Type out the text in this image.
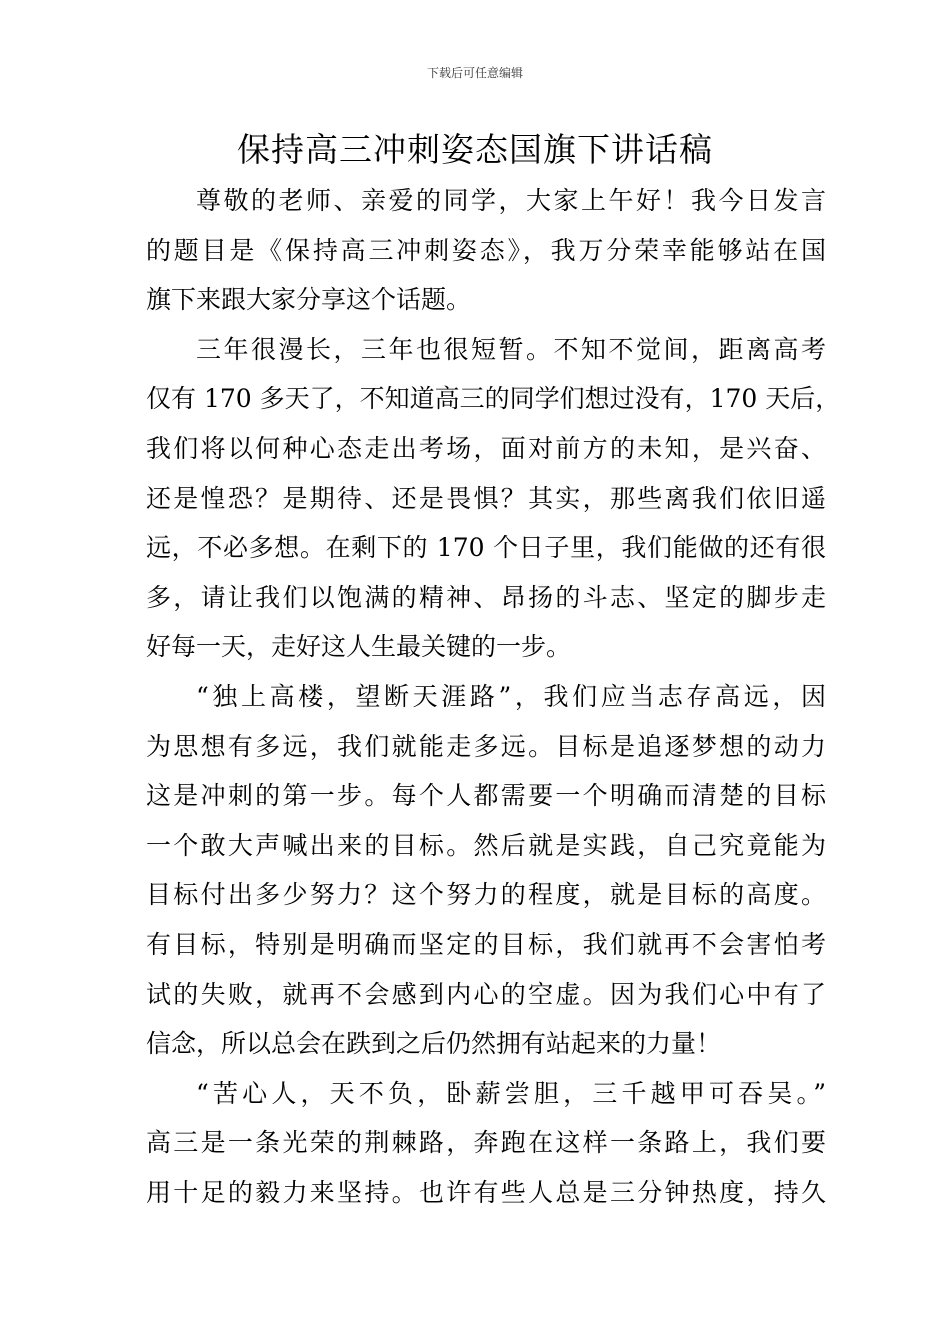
下载后可任意编辑
保持高三冲刺姿态国旗下讲话稿
尊敬的老师、亲爱的同学，大家上午好！我今日发言
的题目是《保持高三冲刺姿态》，我万分荣幸能够站在国
旗下来跟大家分享这个话题。
三年很漫长，三年也很短暂。不知不觉间，距离高考
仅有 170 多天了，不知道高三的同学们想过没有，170 天后，
我们将以何种心态走出考场，面对前方的未知，是兴奋、
还是惶恐？是期待、还是畏惧？其实，那些离我们依旧遥
远，不必多想。在剩下的 170 个日子里，我们能做的还有很
多，请让我们以饱满的精神、昂扬的斗志、坚定的脚步走
好每一天，走好这人生最关键的一步。
“独上高楼，望断天涯路”，我们应当志存高远，因
为思想有多远，我们就能走多远。目标是追逐梦想的动力
这是冲刺的第一步。每个人都需要一个明确而清楚的目标
一个敢大声喊出来的目标。然后就是实践，自己究竟能为
目标付出多少努力？这个努力的程度，就是目标的高度。
有目标，特别是明确而坚定的目标，我们就再不会害怕考
试的失败，就再不会感到内心的空虚。因为我们心中有了
信念，所以总会在跌到之后仍然拥有站起来的力量！
“苦心人，天不负，卧薪尝胆，三千越甲可吞吴。”
高三是一条光荣的荆棘路，奔跑在这样一条路上，我们要
用十足的毅力来坚持。也许有些人总是三分钟热度，持久
